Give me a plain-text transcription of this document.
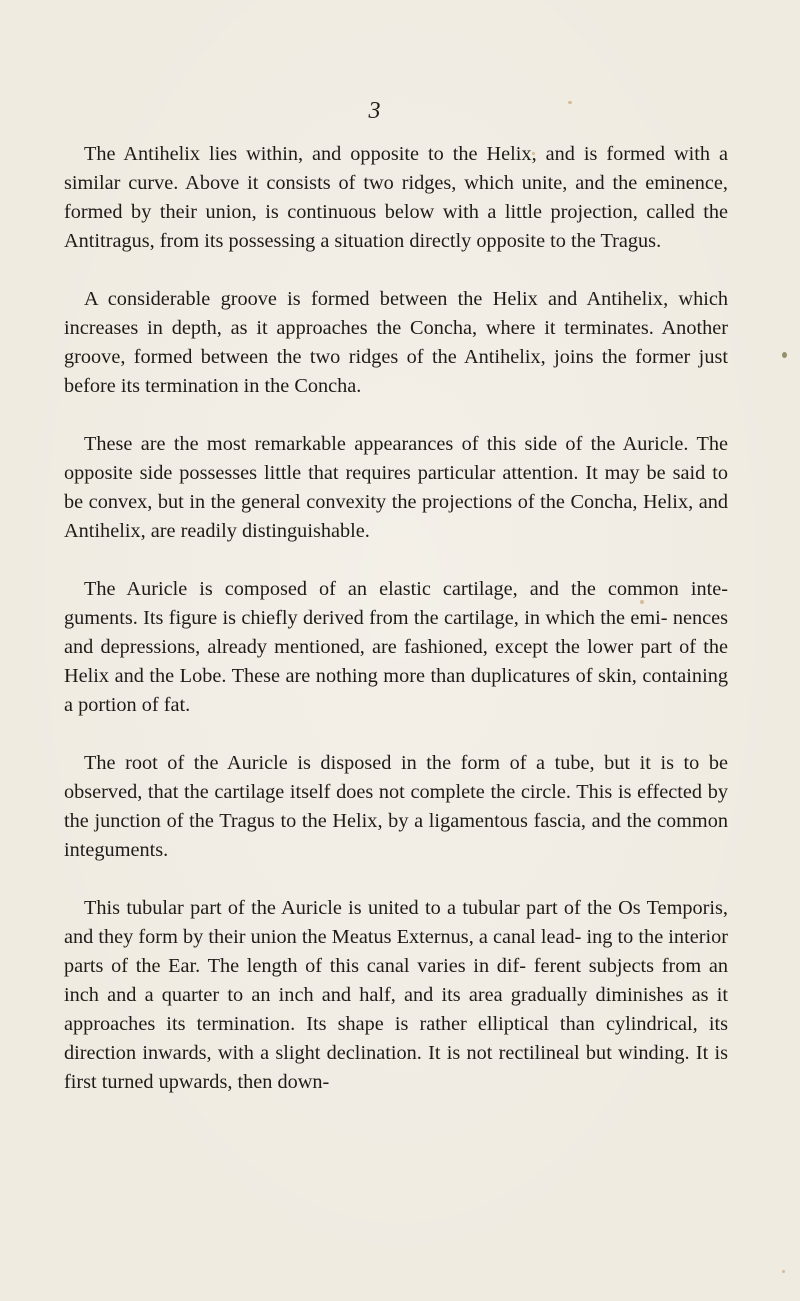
3

The Antihelix lies within, and opposite to the Helix, and is formed with a similar curve. Above it consists of two ridges, which unite, and the eminence, formed by their union, is continuous below with a little projection, called the Antitragus, from its possessing a situation directly opposite to the Tragus.

A considerable groove is formed between the Helix and Antihelix, which increases in depth, as it approaches the Concha, where it terminates. Another groove, formed between the two ridges of the Antihelix, joins the former just before its termination in the Concha.

These are the most remarkable appearances of this side of the Auricle. The opposite side possesses little that requires particular attention. It may be said to be convex, but in the general convexity the projections of the Concha, Helix, and Antihelix, are readily distinguishable.

The Auricle is composed of an elastic cartilage, and the common inte- guments. Its figure is chiefly derived from the cartilage, in which the emi- nences and depressions, already mentioned, are fashioned, except the lower part of the Helix and the Lobe. These are nothing more than duplicatures of skin, containing a portion of fat.

The root of the Auricle is disposed in the form of a tube, but it is to be observed, that the cartilage itself does not complete the circle. This is effected by the junction of the Tragus to the Helix, by a ligamentous fascia, and the common integuments.

This tubular part of the Auricle is united to a tubular part of the Os Temporis, and they form by their union the Meatus Externus, a canal lead- ing to the interior parts of the Ear. The length of this canal varies in dif- ferent subjects from an inch and a quarter to an inch and half, and its area gradually diminishes as it approaches its termination. Its shape is rather elliptical than cylindrical, its direction inwards, with a slight declination. It is not rectilineal but winding. It is first turned upwards, then down-
